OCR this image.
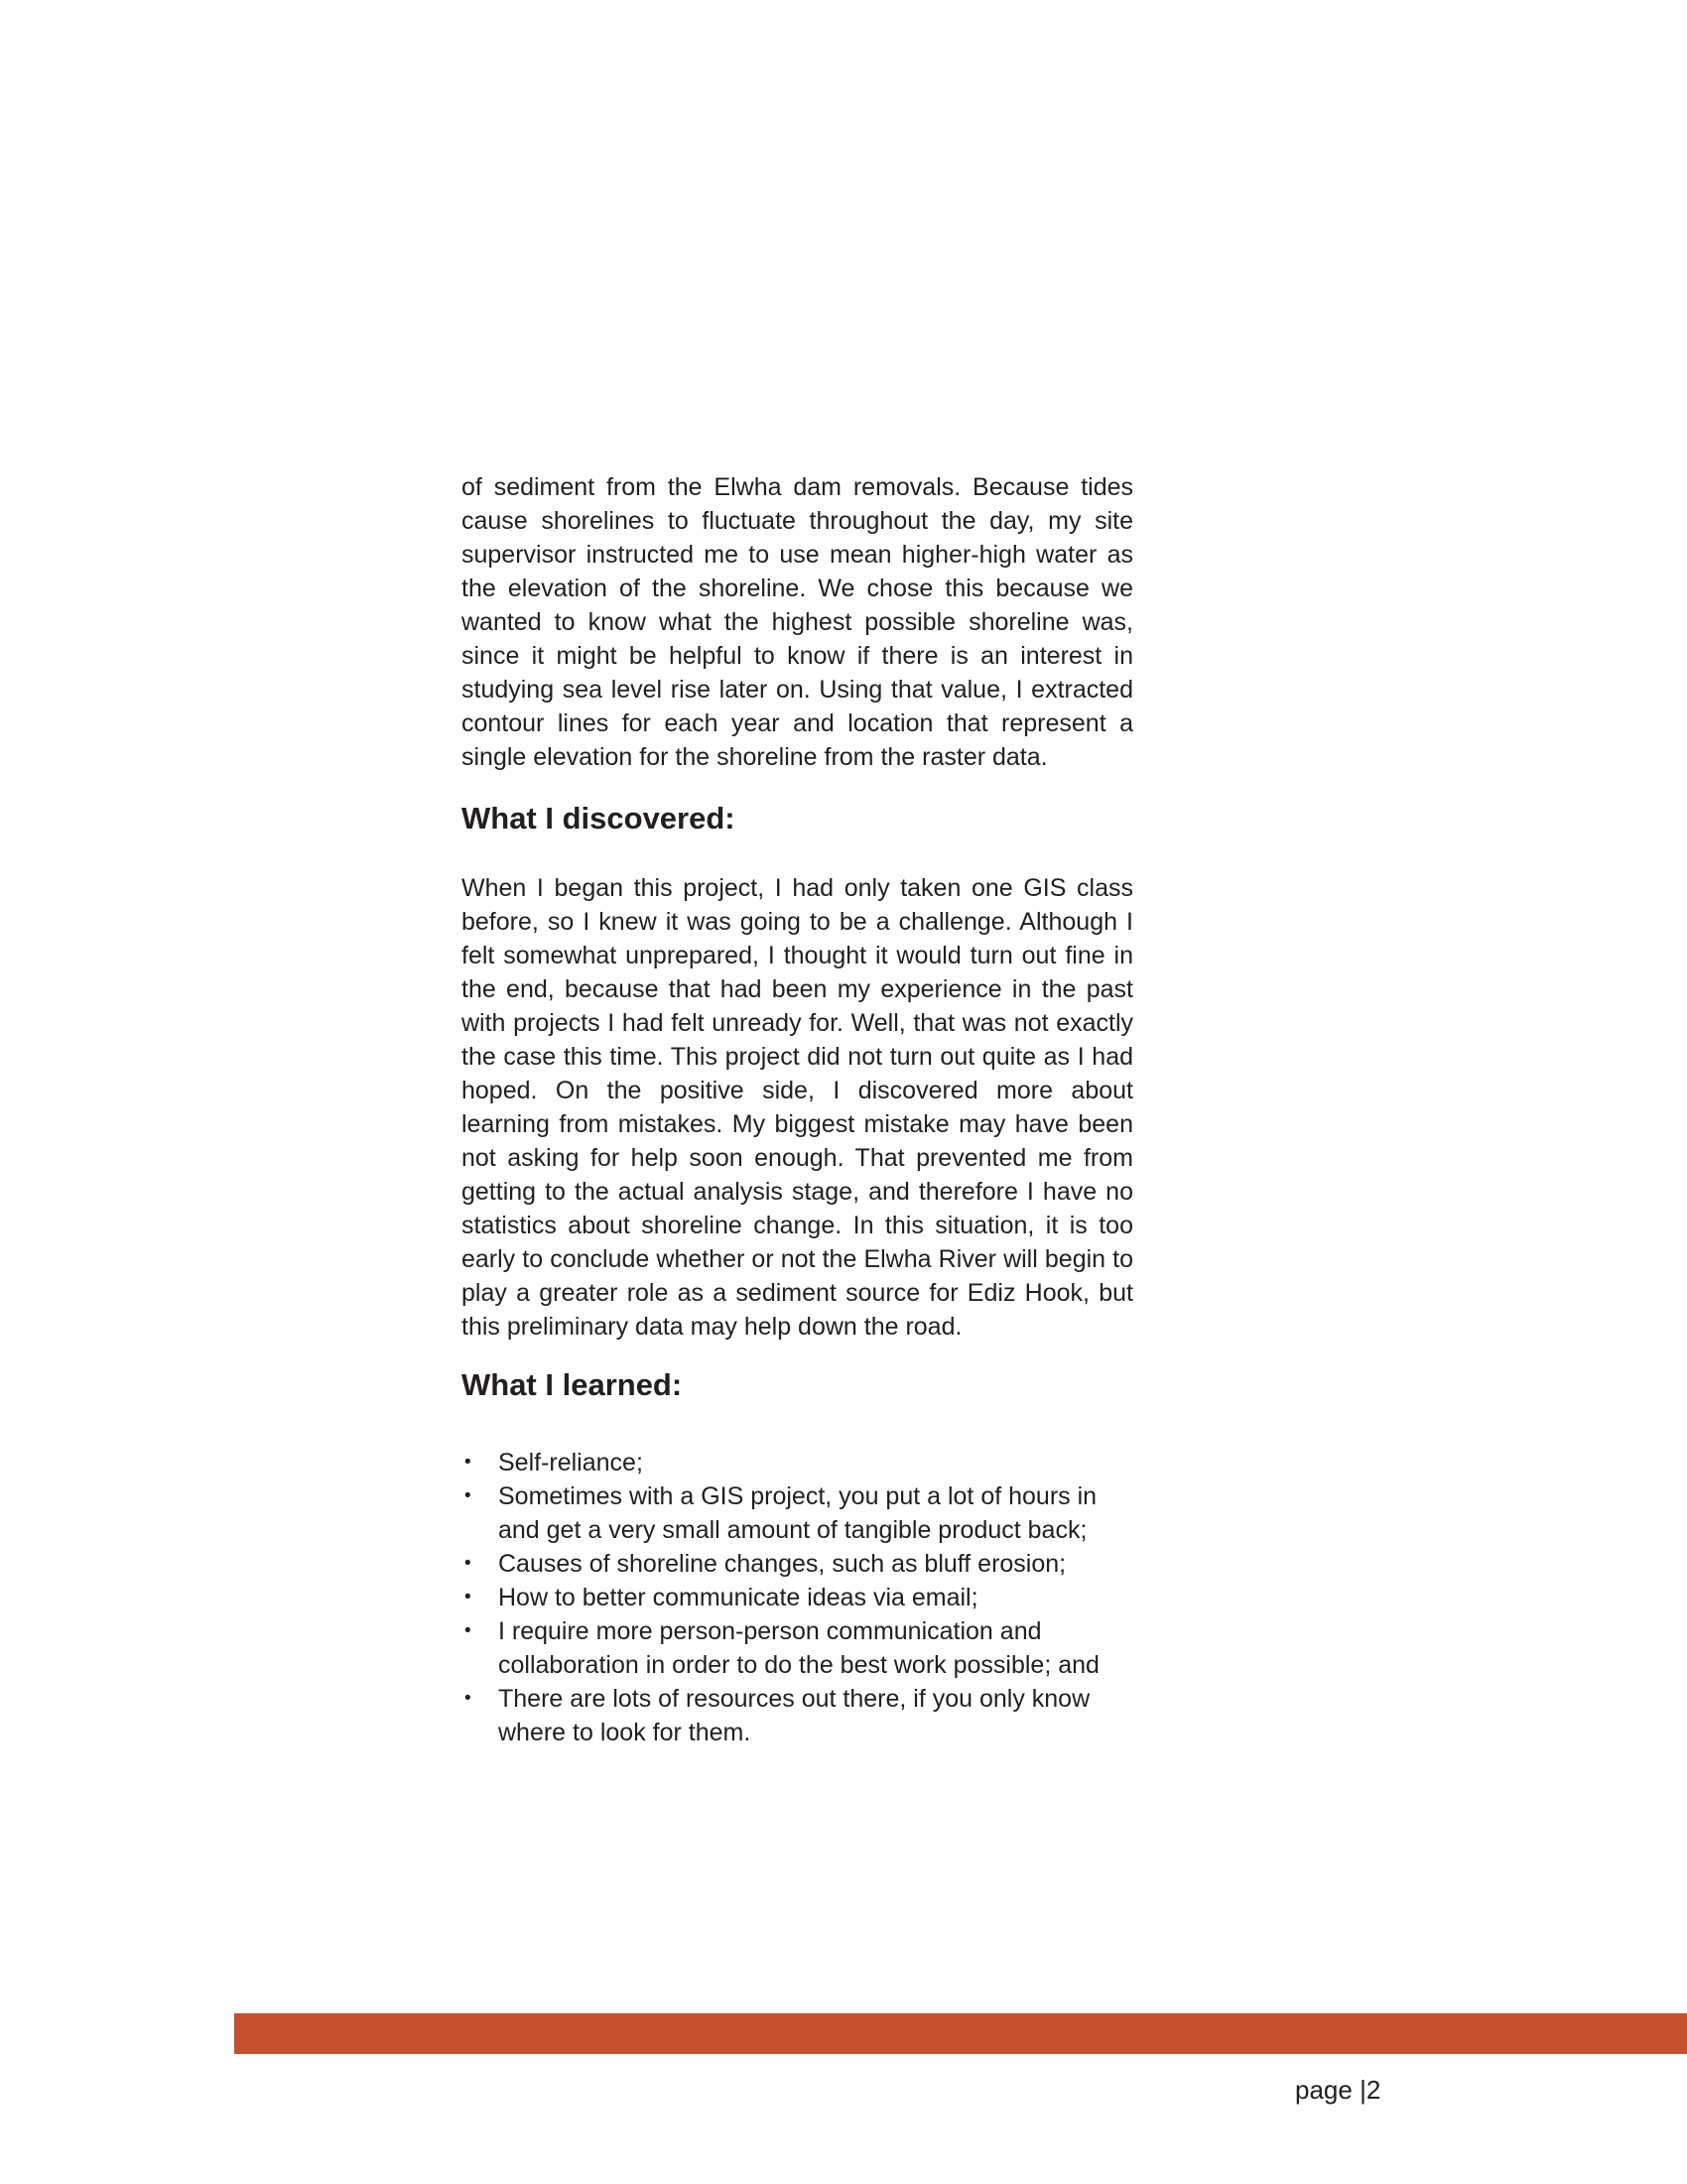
of sediment from the Elwha dam removals. Because tides cause shorelines to fluctuate throughout the day, my site supervisor instructed me to use mean higher-high water as the elevation of the shoreline. We chose this because we wanted to know what the highest possible shoreline was, since it might be helpful to know if there is an interest in studying sea level rise later on. Using that value, I extracted contour lines for each year and location that represent a single elevation for the shoreline from the raster data.

What I discovered:

When I began this project, I had only taken one GIS class before, so I knew it was going to be a challenge. Although I felt somewhat unprepared, I thought it would turn out fine in the end, because that had been my experience in the past with projects I had felt unready for. Well, that was not exactly the case this time. This project did not turn out quite as I had hoped. On the positive side, I discovered more about learning from mistakes. My biggest mistake may have been not asking for help soon enough. That prevented me from getting to the actual analysis stage, and therefore I have no statistics about shoreline change. In this situation, it is too early to conclude whether or not the Elwha River will begin to play a greater role as a sediment source for Ediz Hook, but this preliminary data may help down the road.

What I learned:
• Self-reliance;
• Sometimes with a GIS project, you put a lot of hours in and get a very small amount of tangible product back;
• Causes of shoreline changes, such as bluff erosion;
• How to better communicate ideas via email;
• I require more person-person communication and collaboration in order to do the best work possible; and
• There are lots of resources out there, if you only know where to look for them.
page |2
